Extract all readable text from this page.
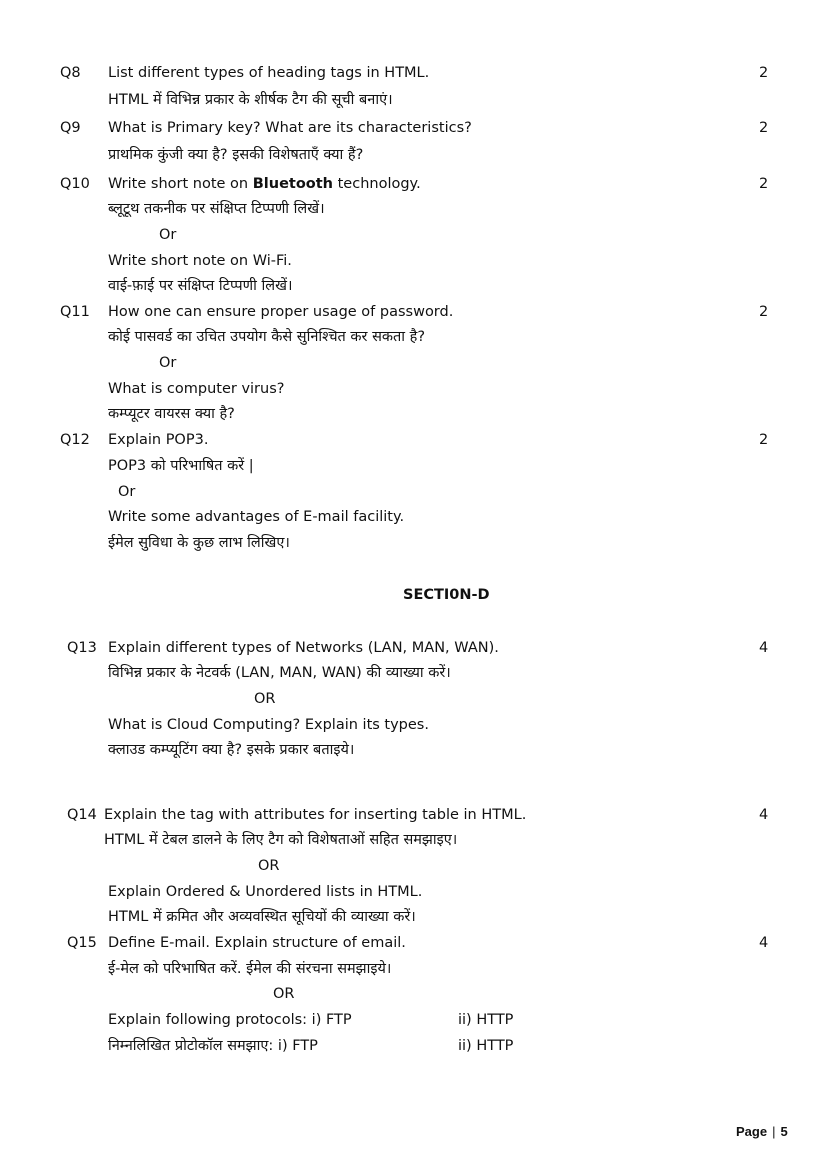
Q8 List different types of heading tags in HTML.	2
HTML में विभिन्न प्रकार के शीर्षक टैग की सूची बनाएं।
Q9 What is Primary key? What are its characteristics?	2
प्राथमिक कुंजी क्या है? इसकी विशेषताएँ क्या हैं?
Q10 Write short note on Bluetooth technology.	2
ब्लूटूथ तकनीक पर संक्षिप्त टिप्पणी लिखें।
Or
Write short note on Wi-Fi.
वाई-फ़ाई पर संक्षिप्त टिप्पणी लिखें।
Q11 How one can ensure proper usage of password.	2
कोई पासवर्ड का उचित उपयोग कैसे सुनिश्चित कर सकता है?
Or
What is computer virus?
कम्प्यूटर वायरस क्या है?
Q12 Explain POP3.	2
POP3 को परिभाषित करें |
Or
Write some advantages of E-mail facility.
ईमेल सुविधा के कुछ लाभ लिखिए।
SECTI0N-D
Q13 Explain different types of Networks (LAN, MAN, WAN).	4
विभिन्न प्रकार के नेटवर्क (LAN, MAN, WAN) की व्याख्या करें।
OR
What is Cloud Computing? Explain its types.
क्लाउड कम्प्यूटिंग क्या है? इसके प्रकार बताइये।
Q14 Explain the tag with attributes for inserting table in HTML.	4
HTML में टेबल डालने के लिए टैग को विशेषताओं सहित समझाइए।
OR
Explain Ordered & Unordered lists in HTML.
HTML में क्रमित और अव्यवस्थित सूचियों की व्याख्या करें।
Q15 Define E-mail. Explain structure of email.	4
ई-मेल को परिभाषित करें. ईमेल की संरचना समझाइये।
OR
Explain following protocols: i) FTP	ii) HTTP
निम्नलिखित प्रोटोकॉल समझाए: i) FTP	ii) HTTP
Page | 5
